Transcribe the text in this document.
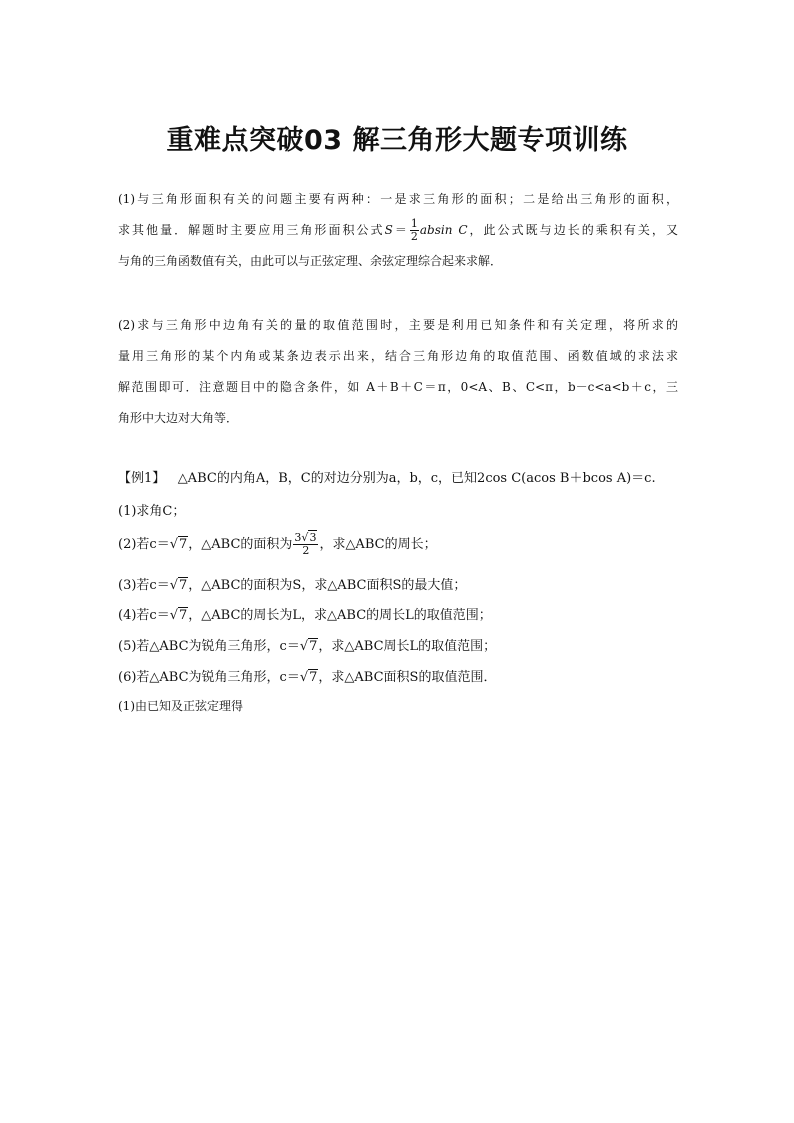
重难点突破03 解三角形大题专项训练
(1)与三角形面积有关的问题主要有两种：一是求三角形的面积；二是给出三角形的面积，
求其他量．解题时主要应用三角形面积公式$S= \frac{1}{2}$ absin C，此公式既与边长的乘积有关，又
与角的三角函数值有关，由此可以与正弦定理、余弦定理综合起来求解．
(2)求与三角形中边角有关的量的取值范围时，主要是利用已知条件和有关定理，将所求的
量用三角形的某个内角或某条边表示出来，结合三角形边角的取值范围、函数值域的求法求
解范围即可．注意题目中的隐含条件，如 A＋B＋C＝π，0<A、B、C<π，b－c<a<b＋c，三
角形中大边对大角等．
【例1】 △ABC的内角A，B，C的对边分别为a，b，c，已知2cos C(acos B＋bcos A)＝c.
(1)求角C；
(2)若c＝√7，△ABC的面积为 $\frac{3√3}{2}$ ，求△ABC的周长；
(3)若c＝√7，△ABC的面积为S，求△ABC面积S的最大值；
(4)若c＝√7，△ABC的周长为L，求△ABC的周长L的取值范围；
(5)若△ABC为锐角三角形，c＝√7，求△ABC周长L的取值范围；
(6)若△ABC为锐角三角形，c＝√7，求△ABC面积S的取值范围．
(1)由已知及正弦定理得
